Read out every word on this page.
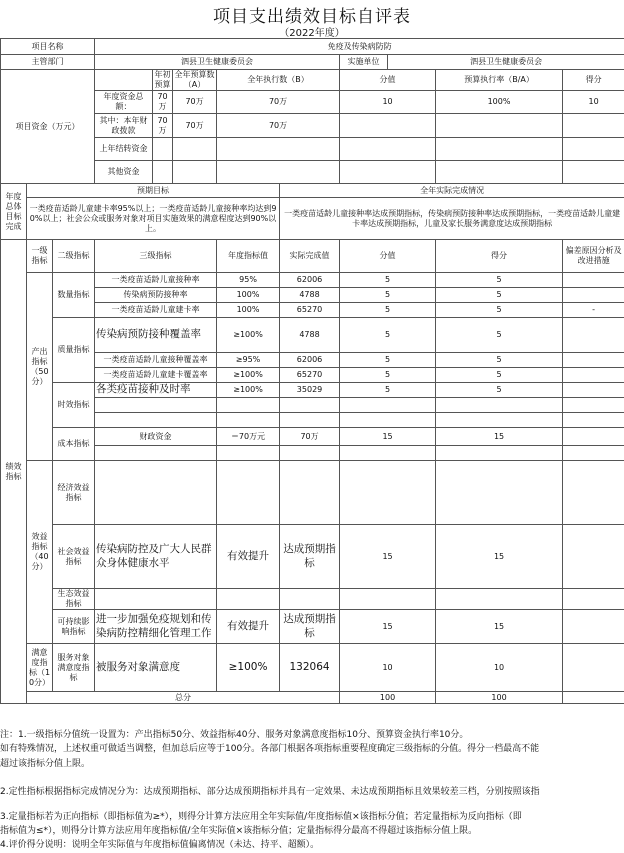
项目支出绩效目标自评表
（2022年度）
项目名称			免疫及传染病防防								
主管部门			泗县卫生健康委员会					实施单位	泗县卫生健康委员会		
项目资金（万元）				年初预算	全年预算数（A）	全年执行数（B）		分值		预算执行率（B/A）	得分
			年度资金总额：	70万	70万	70万		10		100%	10
			其中：本年财政拨款	70万	70万	70万					
			上年结转资金								
			其他资金								
年度总体目标完成	预期目标						全年实际完成情况				
	一类疫苗适龄儿童建卡率95%以上；一类疫苗适龄儿童接种率均达到90%以上；社会公众或服务对象对项目实施效果的满意程度达到90%以上。						一类疫苗适龄儿童接种率达成预期指标，传染病预防接种率达成预期指标，一类疫苗适龄儿童建卡率达成预期指标，儿童及家长服务满意度达成预期指标				
绩效指标	一级指标	二级指标	三级指标			年度指标值	实际完成值	分值		得分	偏差原因分析及改进措施
	产出指标（50分）	数量指标	一类疫苗适龄儿童接种率			95%	62006	5		5	
			传染病预防接种率			100%	4788	5		5	
			一类疫苗适龄儿童建卡率			100%	65270	5		5	-
		质量指标	传染病预防接种覆盖率			≥100%	4788	5		5	
			一类疫苗适龄儿童接种覆盖率			≥95%	62006	5		5	
			一类疫苗适龄儿童建卡覆盖率			≥100%	65270	5		5	
		时效指标	各类疫苗接种及时率			≥100%	35029	5		5	

		成本指标	财政资金			＝70万元	70万	15		15	

	效益指标（40分）	经济效益指标									
		社会效益指标	传染病防控及广大人民群众身体健康水平			有效提升	达成预期指标	15		15	
		生态效益指标									
		可持续影响指标	进一步加强免疫规划和传染病防控精细化管理工作			有效提升	达成预期指标	15		15	
	满意度指标（10分）	服务对象满意度指标	被服务对象满意度			≥100%	132064	10		10	
	总分							100		100	
注：1.一级指标分值统一设置为：产出指标50分、效益指标40分、服务对象满意度指标10分、预算资金执行率10分。
如有特殊情况，上述权重可做适当调整，但加总后应等于100分。各部门根据各项指标重要程度确定三级指标的分值。得分一档最高不能
超过该指标分值上限。
2.定性指标根据指标完成情况分为：达成预期指标、部分达成预期指标并具有一定效果、未达成预期指标且效果较差三档，分别按照该指
3.定量指标若为正向指标（即指标值为≥*），则得分计算方法应用全年实际值/年度指标值×该指标分值；若定量指标为反向指标（即
指标值为≤*），则得分计算方法应用年度指标值/全年实际值×该指标分值；定量指标得分最高不得超过该指标分值上限。
4.评价得分说明：说明全年实际值与年度指标值偏离情况（未达、持平、超额）。
